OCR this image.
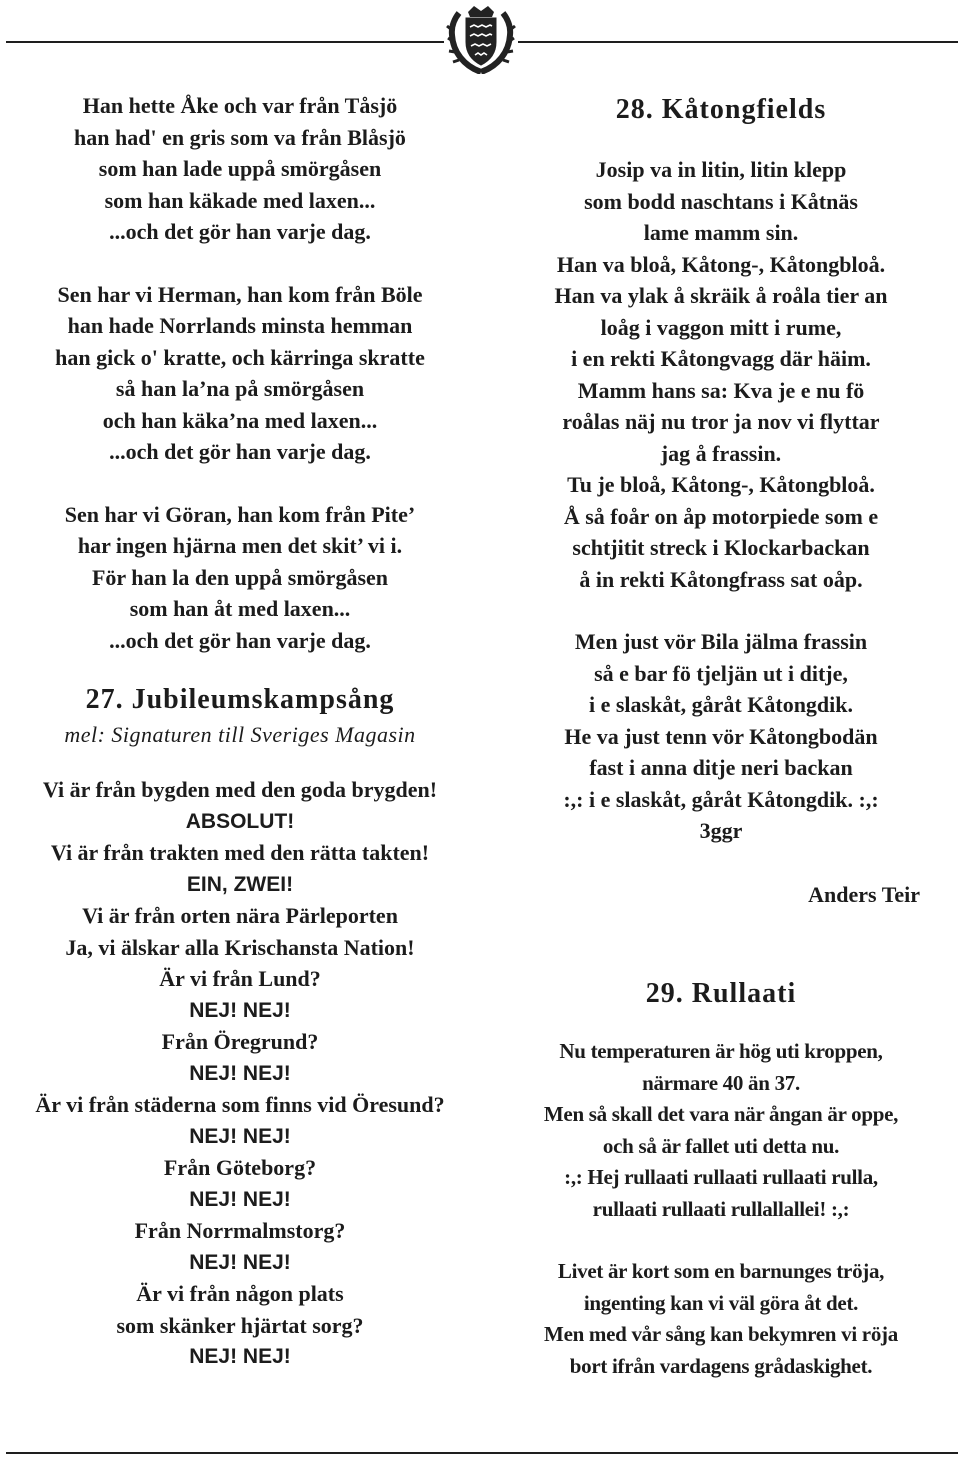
Han hette Åke och var från Tåsjö
han had' en gris som va från Blåsjö
som han lade uppå smörgåsen
som han käkade med laxen...
...och det gör han varje dag.
Sen har vi Herman, han kom från Böle
han hade Norrlands minsta hemman
han gick o' kratte, och kärringa skratte
så han la’na på smörgåsen
och han käka’na med laxen...
...och det gör han varje dag.
Sen har vi Göran, han kom från Pite’
har ingen hjärna men det skit’ vi i.
För han la den uppå smörgåsen
som han åt med laxen...
...och det gör han varje dag.
27. Jubileumskampsång
mel: Signaturen till Sveriges Magasin
Vi är från bygden med den goda brygden!
ABSOLUT!
Vi är från trakten med den rätta takten!
EIN, ZWEI!
Vi är från orten nära Pärleporten
Ja, vi älskar alla Krischansta Nation!
Är vi från Lund?
NEJ! NEJ!
Från Öregrund?
NEJ! NEJ!
Är vi från städerna som finns vid Öresund?
NEJ! NEJ!
Från Göteborg?
NEJ! NEJ!
Från Norrmalmstorg?
NEJ! NEJ!
Är vi från någon plats
som skänker hjärtat sorg?
NEJ! NEJ!
28. Kåtongfields
Josip va in litin, litin klepp
som bodd naschtans i Kåtnäs
lame mamm sin.
Han va bloå, Kåtong-, Kåtongbloå.
Han va ylak å skräik å roåla tier an
loåg i vaggon mitt i rume,
i en rekti Kåtongvagg där häim.
Mamm hans sa: Kva je e nu fö
roålas näj nu tror ja nov vi flyttar
jag å frassin.
Tu je bloå, Kåtong-, Kåtongbloå.
Å så foår on åp motorpiede som e
schtjitit streck i Klockarbackan
å in rekti Kåtongfrass sat oåp.
Men just vör Bila jälma frassin
så e bar fö tjeljän ut i ditje,
i e slaskåt, gåråt Kåtongdik.
He va just tenn vör Kåtongbodän
fast i anna ditje neri backan
:,: i e slaskåt, gåråt Kåtongdik. :,:
3ggr
Anders Teir
29. Rullaati
Nu temperaturen är hög uti kroppen,
närmare 40 än 37.
Men så skall det vara när ångan är oppe,
och så är fallet uti detta nu.
:,: Hej rullaati rullaati rullaati rulla,
rullaati rullaati rullallallei! :,:
Livet är kort som en barnunges tröja,
ingenting kan vi väl göra åt det.
Men med vår sång kan bekymren vi röja
bort ifrån vardagens grådaskighet.
